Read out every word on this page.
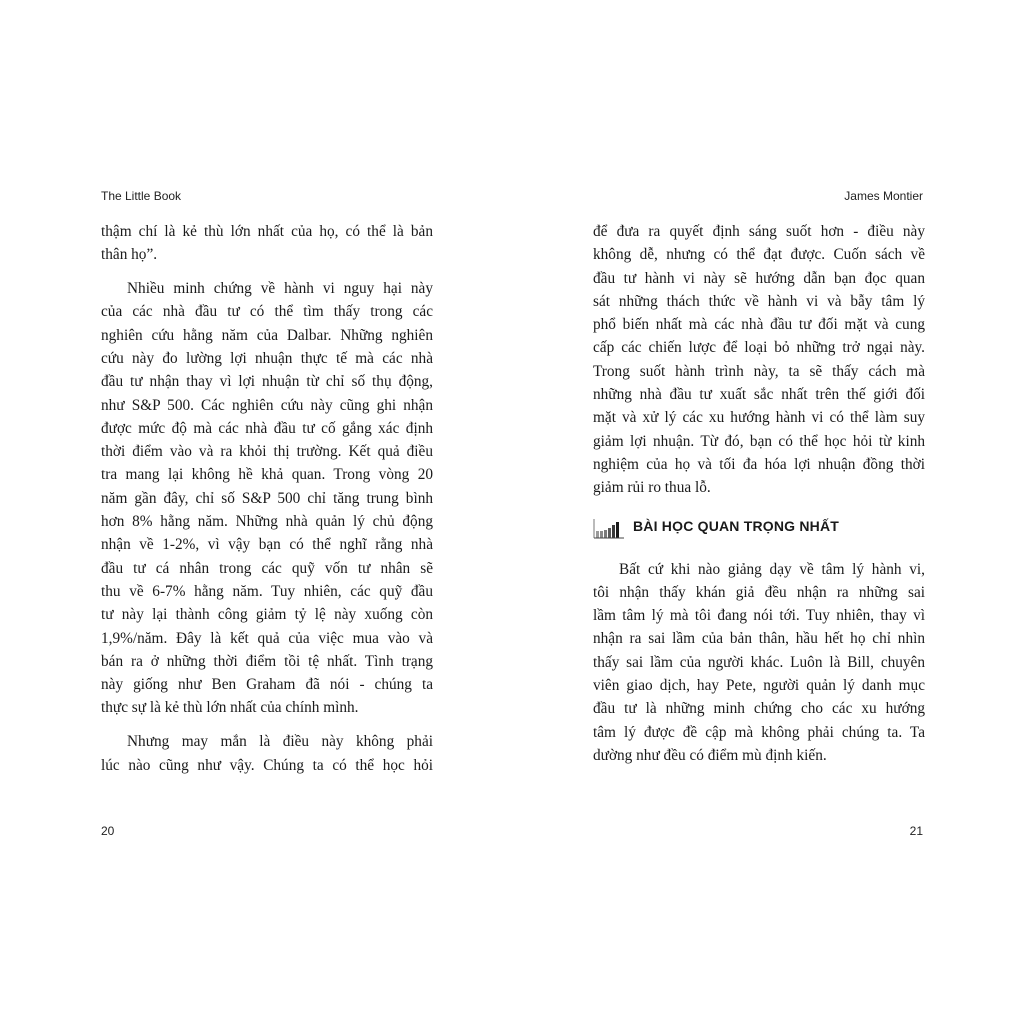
The Little Book
thậm chí là kẻ thù lớn nhất của họ, có thể là bản
thân họ”.
Nhiều minh chứng về hành vi nguy hại này
của các nhà đầu tư có thể tìm thấy trong các
nghiên cứu hằng năm của Dalbar. Những nghiên
cứu này đo lường lợi nhuận thực tế mà các nhà
đầu tư nhận thay vì lợi nhuận từ chỉ số thụ động,
như S&P 500. Các nghiên cứu này cũng ghi nhận
được mức độ mà các nhà đầu tư cố gắng xác định
thời điểm vào và ra khỏi thị trường. Kết quả điều
tra mang lại không hề khả quan. Trong vòng 20
năm gần đây, chỉ số S&P 500 chỉ tăng trung bình
hơn 8% hằng năm. Những nhà quản lý chủ động
nhận về 1-2%, vì vậy bạn có thể nghĩ rằng nhà
đầu tư cá nhân trong các quỹ vốn tư nhân sẽ
thu về 6-7% hằng năm. Tuy nhiên, các quỹ đầu
tư này lại thành công giảm tỷ lệ này xuống còn
1,9%/năm. Đây là kết quả của việc mua vào và
bán ra ở những thời điểm tồi tệ nhất. Tình trạng
này giống như Ben Graham đã nói - chúng ta
thực sự là kẻ thù lớn nhất của chính mình.
Nhưng may mắn là điều này không phải
lúc nào cũng như vậy. Chúng ta có thể học hỏi
20
James Montier
để đưa ra quyết định sáng suốt hơn - điều này
không dễ, nhưng có thể đạt được. Cuốn sách về
đầu tư hành vi này sẽ hướng dẫn bạn đọc quan
sát những thách thức về hành vi và bẫy tâm lý
phổ biến nhất mà các nhà đầu tư đối mặt và cung
cấp các chiến lược để loại bỏ những trở ngại này.
Trong suốt hành trình này, ta sẽ thấy cách mà
những nhà đầu tư xuất sắc nhất trên thế giới đối
mặt và xử lý các xu hướng hành vi có thể làm suy
giảm lợi nhuận. Từ đó, bạn có thể học hỏi từ kinh
nghiệm của họ và tối đa hóa lợi nhuận đồng thời
giảm rủi ro thua lỗ.
BÀI HỌC QUAN TRỌNG NHẤT
Bất cứ khi nào giảng dạy về tâm lý hành vi,
tôi nhận thấy khán giả đều nhận ra những sai
lầm tâm lý mà tôi đang nói tới. Tuy nhiên, thay vì
nhận ra sai lầm của bản thân, hầu hết họ chỉ nhìn
thấy sai lầm của người khác. Luôn là Bill, chuyên
viên giao dịch, hay Pete, người quản lý danh mục
đầu tư là những minh chứng cho các xu hướng
tâm lý được đề cập mà không phải chúng ta. Ta
dường như đều có điểm mù định kiến.
21
